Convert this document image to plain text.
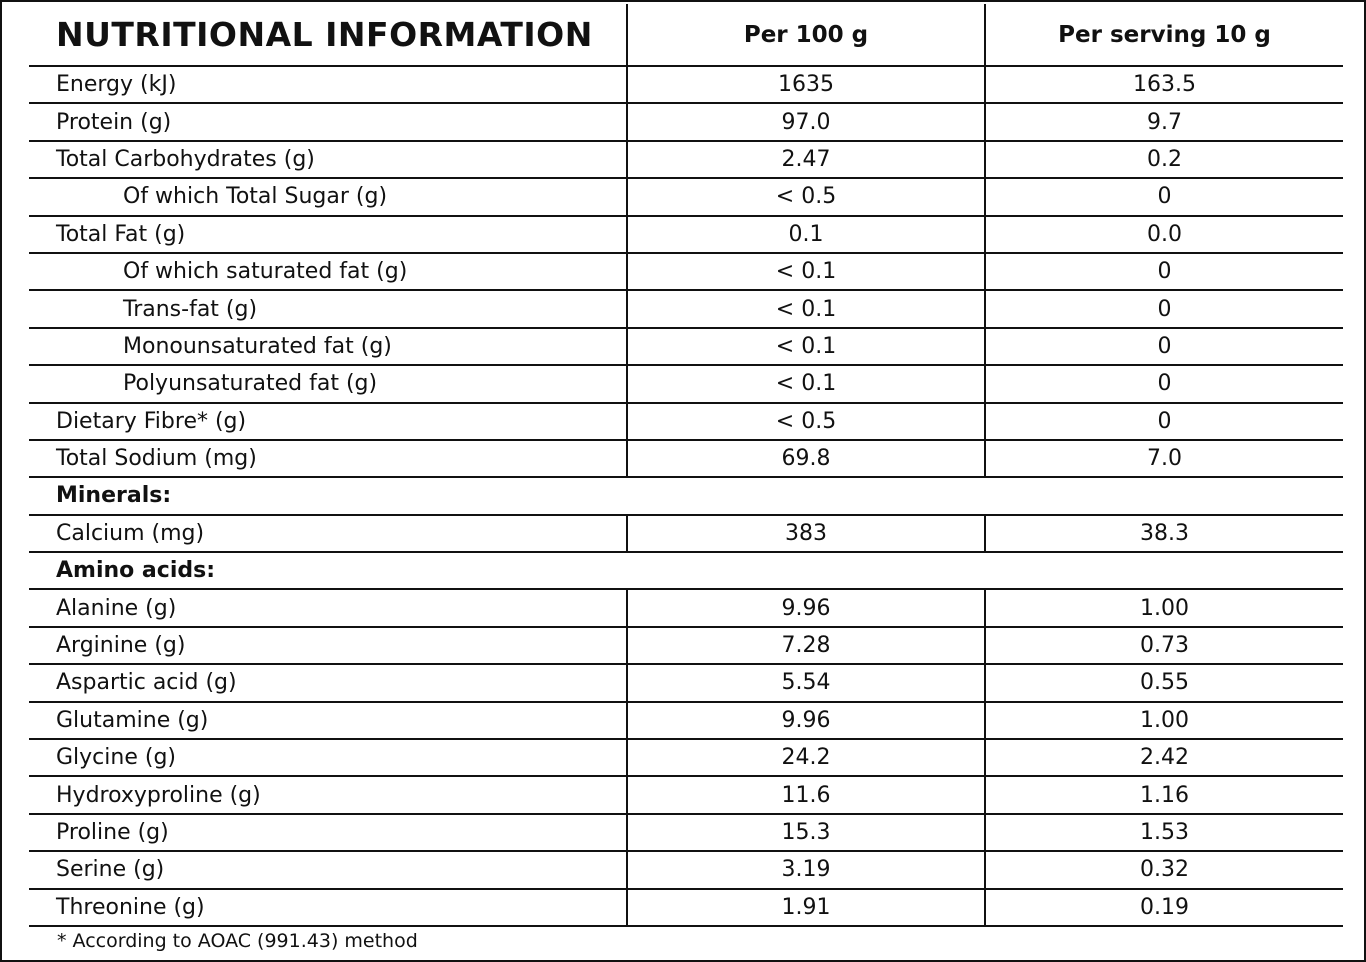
NUTRITIONAL INFORMATION	Per 100 g	Per serving 10 g
Energy (kJ)	1635	163.5
Protein (g)	97.0	9.7
Total Carbohydrates (g)	2.47	0.2
Of which Total Sugar (g)	< 0.5	0
Total Fat (g)	0.1	0.0
Of which saturated fat (g)	< 0.1	0
Trans-fat (g)	< 0.1	0
Monounsaturated fat (g)	< 0.1	0
Polyunsaturated fat (g)	< 0.1	0
Dietary Fibre* (g)	< 0.5	0
Total Sodium (mg)	69.8	7.0
Minerals:		
Calcium (mg)	383	38.3
Amino acids:		
Alanine (g)	9.96	1.00
Arginine (g)	7.28	0.73
Aspartic acid (g)	5.54	0.55
Glutamine (g)	9.96	1.00
Glycine (g)	24.2	2.42
Hydroxyproline (g)	11.6	1.16
Proline (g)	15.3	1.53
Serine (g)	3.19	0.32
Threonine (g)	1.91	0.19
* According to AOAC (991.43) method
